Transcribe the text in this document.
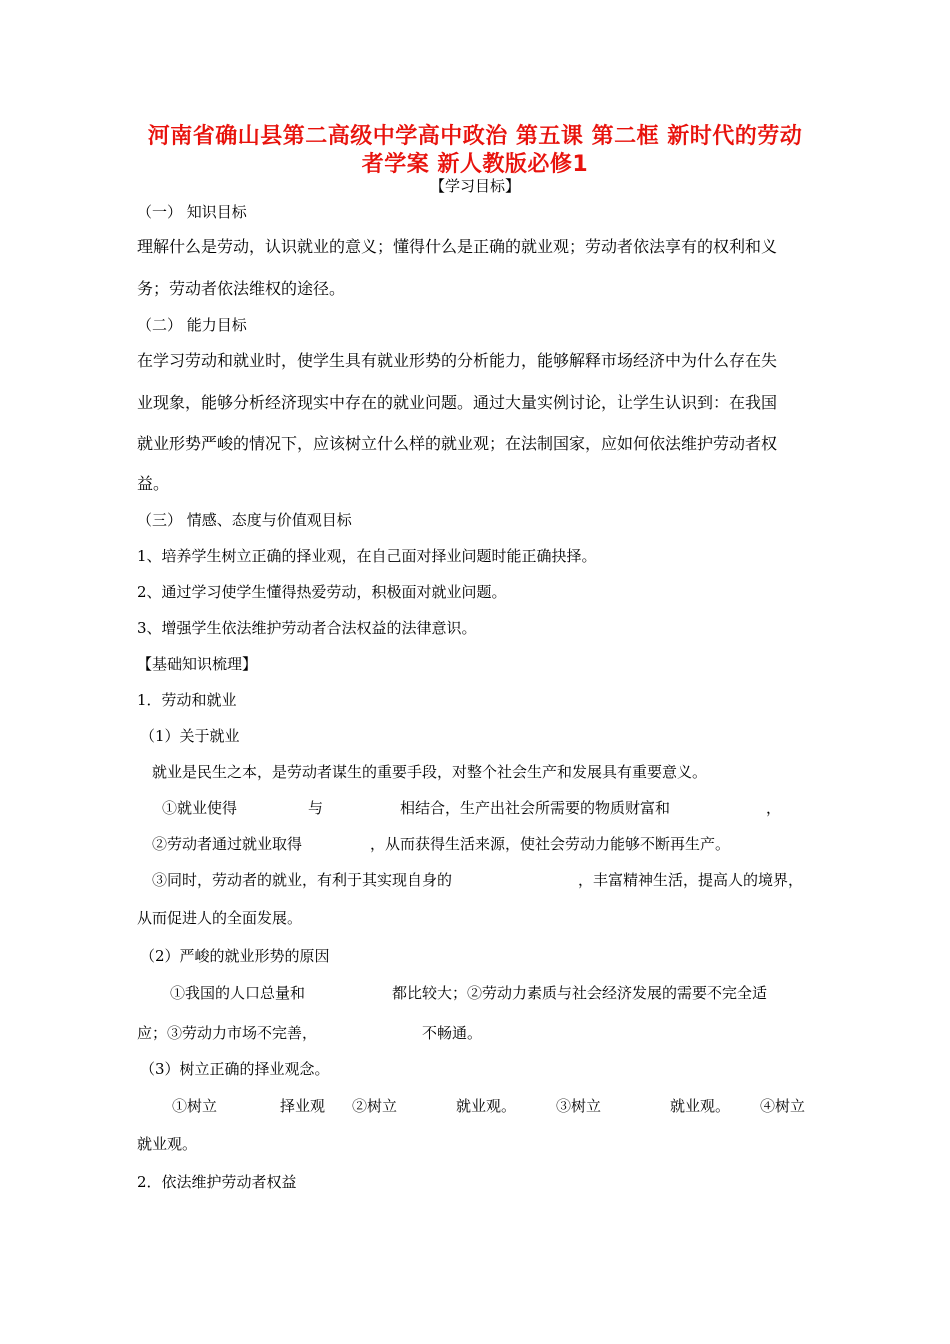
河南省确山县第二高级中学高中政治 第五课 第二框 新时代的劳动
者学案 新人教版必修1
【学习目标】
（一） 知识目标
理解什么是劳动，认识就业的意义；懂得什么是正确的就业观；劳动者依法享有的权利和义
务；劳动者依法维权的途径。
（二） 能力目标
在学习劳动和就业时，使学生具有就业形势的分析能力，能够解释市场经济中为什么存在失
业现象，能够分析经济现实中存在的就业问题。通过大量实例讨论，让学生认识到：在我国
就业形势严峻的情况下，应该树立什么样的就业观；在法制国家，应如何依法维护劳动者权
益。
（三） 情感、态度与价值观目标
1、培养学生树立正确的择业观，在自己面对择业问题时能正确抉择。
2、通过学习使学生懂得热爱劳动，积极面对就业问题。
3、增强学生依法维护劳动者合法权益的法律意识。
【基础知识梳理】
1．劳动和就业
（1）关于就业
就业是民生之本，是劳动者谋生的重要手段，对整个社会生产和发展具有重要意义。
①就业使得	与	相结合，生产出社会所需要的物质财富和	，
②劳动者通过就业取得	，从而获得生活来源，使社会劳动力能够不断再生产。
③同时，劳动者的就业，有利于其实现自身的	，丰富精神生活，提高人的境界，
从而促进人的全面发展。
（2）严峻的就业形势的原因
①我国的人口总量和	都比较大；②劳动力素质与社会经济发展的需要不完全适
应；③劳动力市场不完善，	不畅通。
（3）树立正确的择业观念。
①树立	择业观 ②树立	就业观。	③树立	就业观。 ④树立
就业观。
2．依法维护劳动者权益
